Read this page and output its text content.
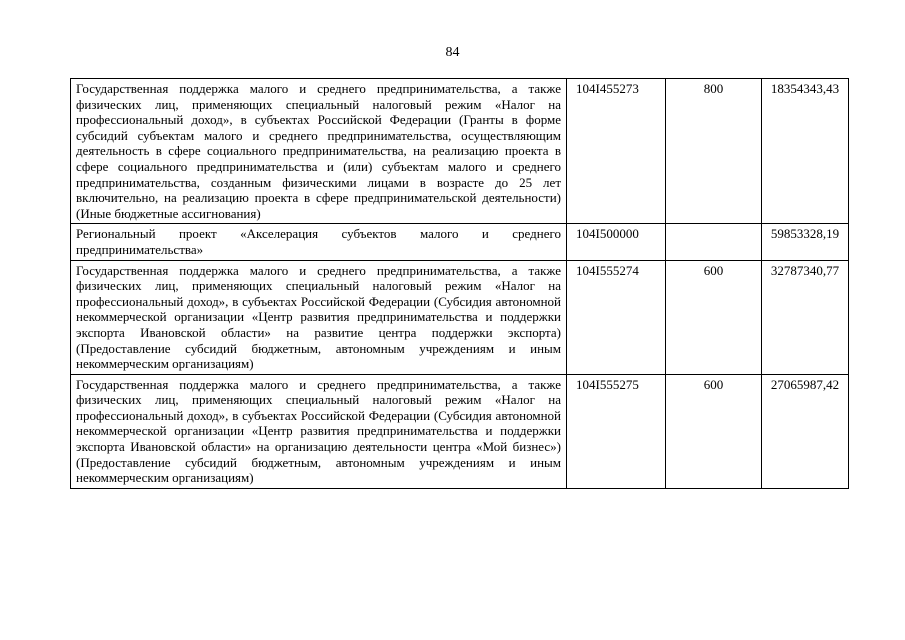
84
Государственная поддержка малого и среднего предпринимательства, а также физических лиц, применяющих специальный налоговый режим «Налог на профессиональный доход», в субъектах Российской Федерации (Гранты в форме субсидий субъектам малого и среднего предпринимательства, осуществляющим деятельность в сфере социального предпринимательства, на реализацию проекта в сфере социального предпринимательства и (или) субъектам малого и среднего предпринимательства, созданным физическими лицами в возрасте до 25 лет включительно, на реализацию проекта в сфере предпринимательской деятельности) (Иные бюджетные ассигнования)	104I455273	800	18354343,43
Региональный проект «Акселерация субъектов малого и среднего предпринимательства»	104I500000		59853328,19
Государственная поддержка малого и среднего предпринимательства, а также физических лиц, применяющих специальный налоговый режим «Налог на профессиональный доход», в субъектах Российской Федерации (Субсидия автономной некоммерческой организации «Центр развития предпринимательства и поддержки экспорта Ивановской области» на развитие центра поддержки экспорта) (Предоставление субсидий бюджетным, автономным учреждениям и иным некоммерческим организациям)	104I555274	600	32787340,77
Государственная поддержка малого и среднего предпринимательства, а также физических лиц, применяющих специальный налоговый режим «Налог на профессиональный доход», в субъектах Российской Федерации (Субсидия автономной некоммерческой организации «Центр развития предпринимательства и поддержки экспорта Ивановской области» на организацию деятельности центра «Мой бизнес») (Предоставление субсидий бюджетным, автономным учреждениям и иным некоммерческим организациям)	104I555275	600	27065987,42
